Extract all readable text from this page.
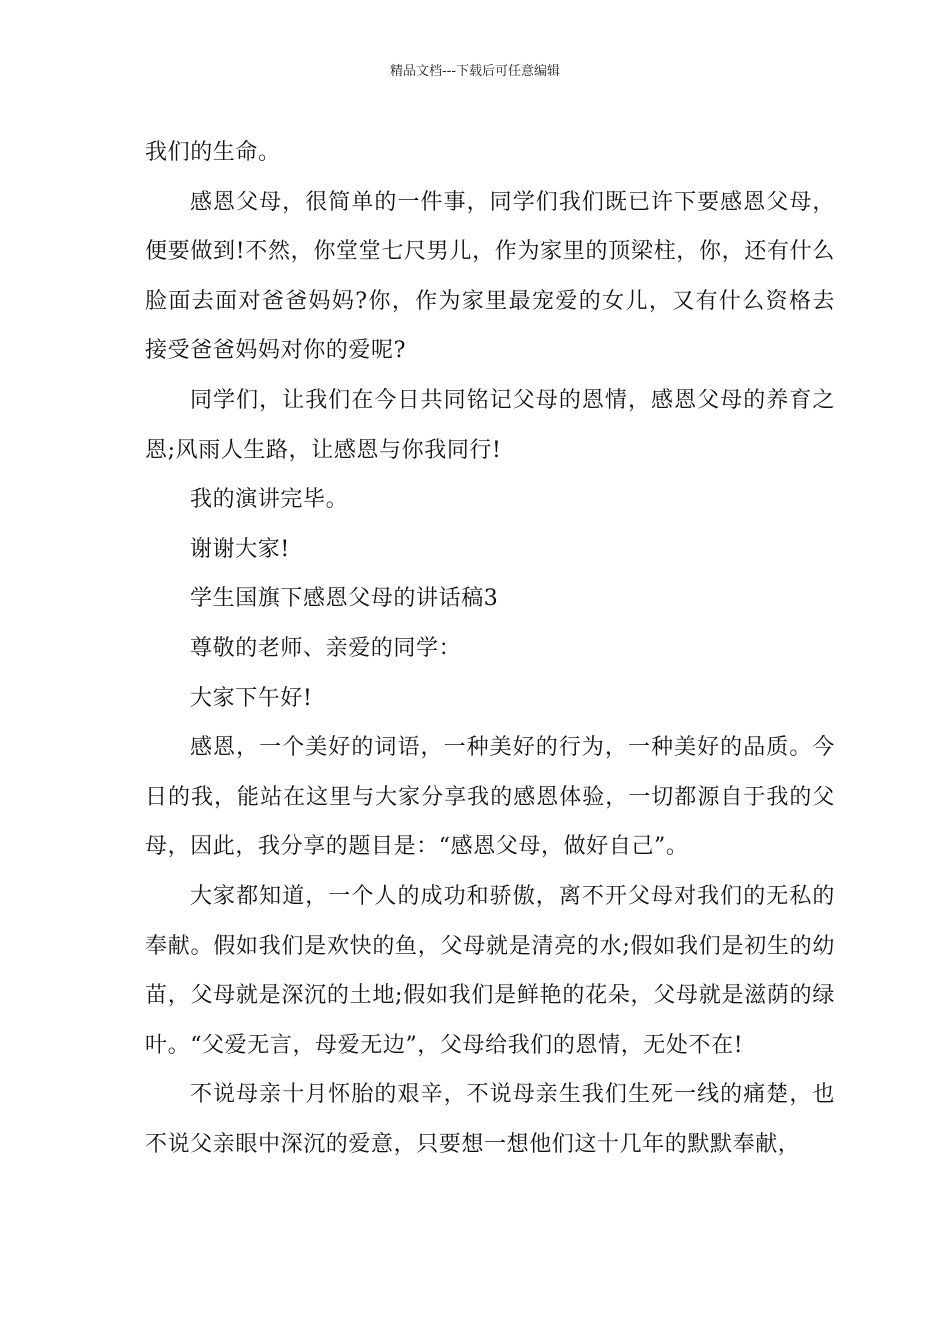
精品文档---下载后可任意编辑

我们的生命。

感恩父母，很简单的一件事，同学们我们既已许下要感恩父母，便要做到!不然，你堂堂七尺男儿，作为家里的顶梁柱，你，还有什么脸面去面对爸爸妈妈?你，作为家里最宠爱的女儿，又有什么资格去接受爸爸妈妈对你的爱呢?

同学们，让我们在今日共同铭记父母的恩情，感恩父母的养育之恩;风雨人生路，让感恩与你我同行!

我的演讲完毕。

谢谢大家!

学生国旗下感恩父母的讲话稿3

尊敬的老师、亲爱的同学：

大家下午好!

感恩，一个美好的词语，一种美好的行为，一种美好的品质。今日的我，能站在这里与大家分享我的感恩体验，一切都源自于我的父母，因此，我分享的题目是：“感恩父母，做好自己”。

大家都知道，一个人的成功和骄傲，离不开父母对我们的无私的奉献。假如我们是欢快的鱼，父母就是清亮的水;假如我们是初生的幼苗，父母就是深沉的土地;假如我们是鲜艳的花朵，父母就是滋荫的绿叶。“父爱无言，母爱无边”，父母给我们的恩情，无处不在!

不说母亲十月怀胎的艰辛，不说母亲生我们生死一线的痛楚，也不说父亲眼中深沉的爱意，只要想一想他们这十几年的默默奉献，
